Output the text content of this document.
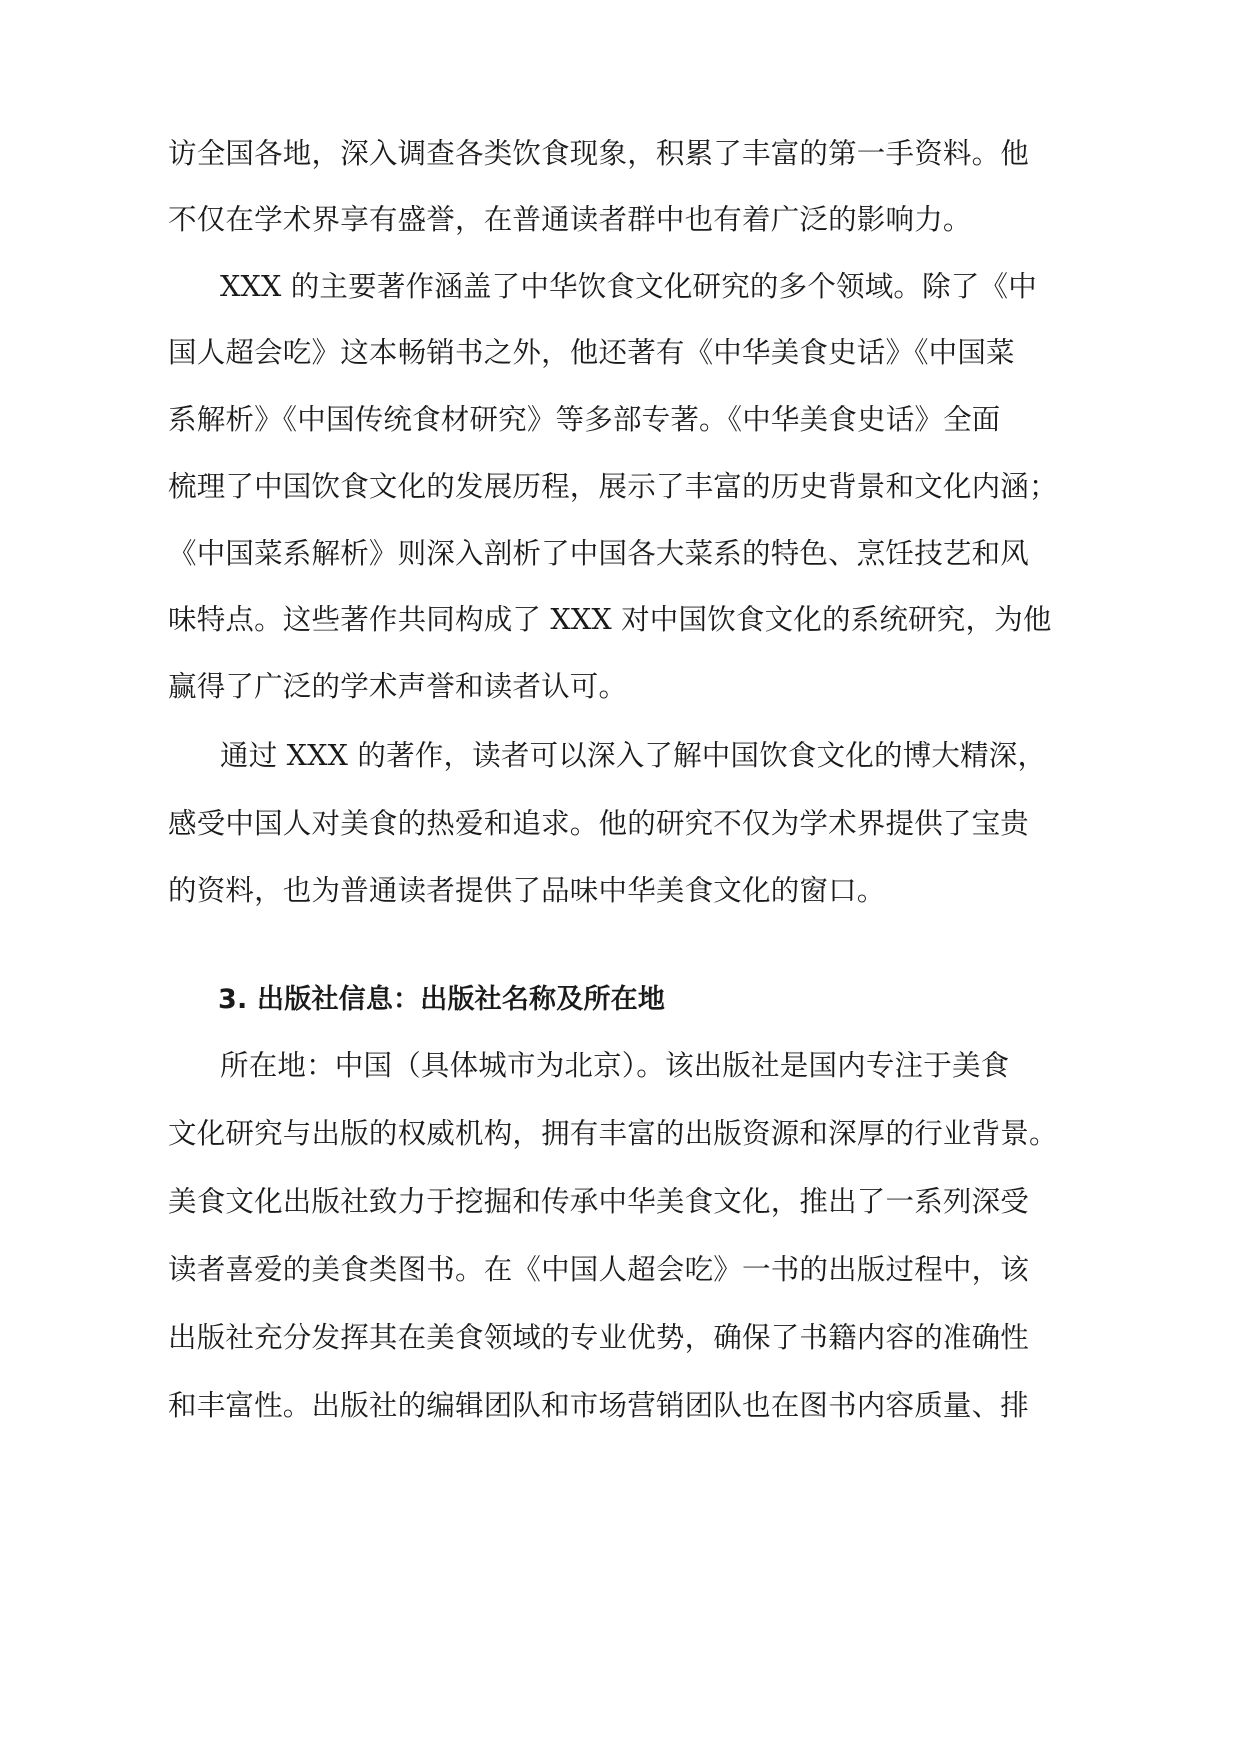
访全国各地，深入调查各类饮食现象，积累了丰富的第一手资料。他
不仅在学术界享有盛誉，在普通读者群中也有着广泛的影响力。
XXX 的主要著作涵盖了中华饮食文化研究的多个领域。除了《中
国人超会吃》这本畅销书之外，他还著有《中华美食史话》《中国菜
系解析》《中国传统食材研究》等多部专著。《中华美食史话》全面
梳理了中国饮食文化的发展历程，展示了丰富的历史背景和文化内涵；
《中国菜系解析》则深入剖析了中国各大菜系的特色、烹饪技艺和风
味特点。这些著作共同构成了 XXX 对中国饮食文化的系统研究，为他
赢得了广泛的学术声誉和读者认可。
通过 XXX 的著作，读者可以深入了解中国饮食文化的博大精深，
感受中国人对美食的热爱和追求。他的研究不仅为学术界提供了宝贵
的资料，也为普通读者提供了品味中华美食文化的窗口。
3. 出版社信息：出版社名称及所在地
所在地：中国（具体城市为北京）。该出版社是国内专注于美食
文化研究与出版的权威机构，拥有丰富的出版资源和深厚的行业背景。
美食文化出版社致力于挖掘和传承中华美食文化，推出了一系列深受
读者喜爱的美食类图书。在《中国人超会吃》一书的出版过程中，该
出版社充分发挥其在美食领域的专业优势，确保了书籍内容的准确性
和丰富性。出版社的编辑团队和市场营销团队也在图书内容质量、排
